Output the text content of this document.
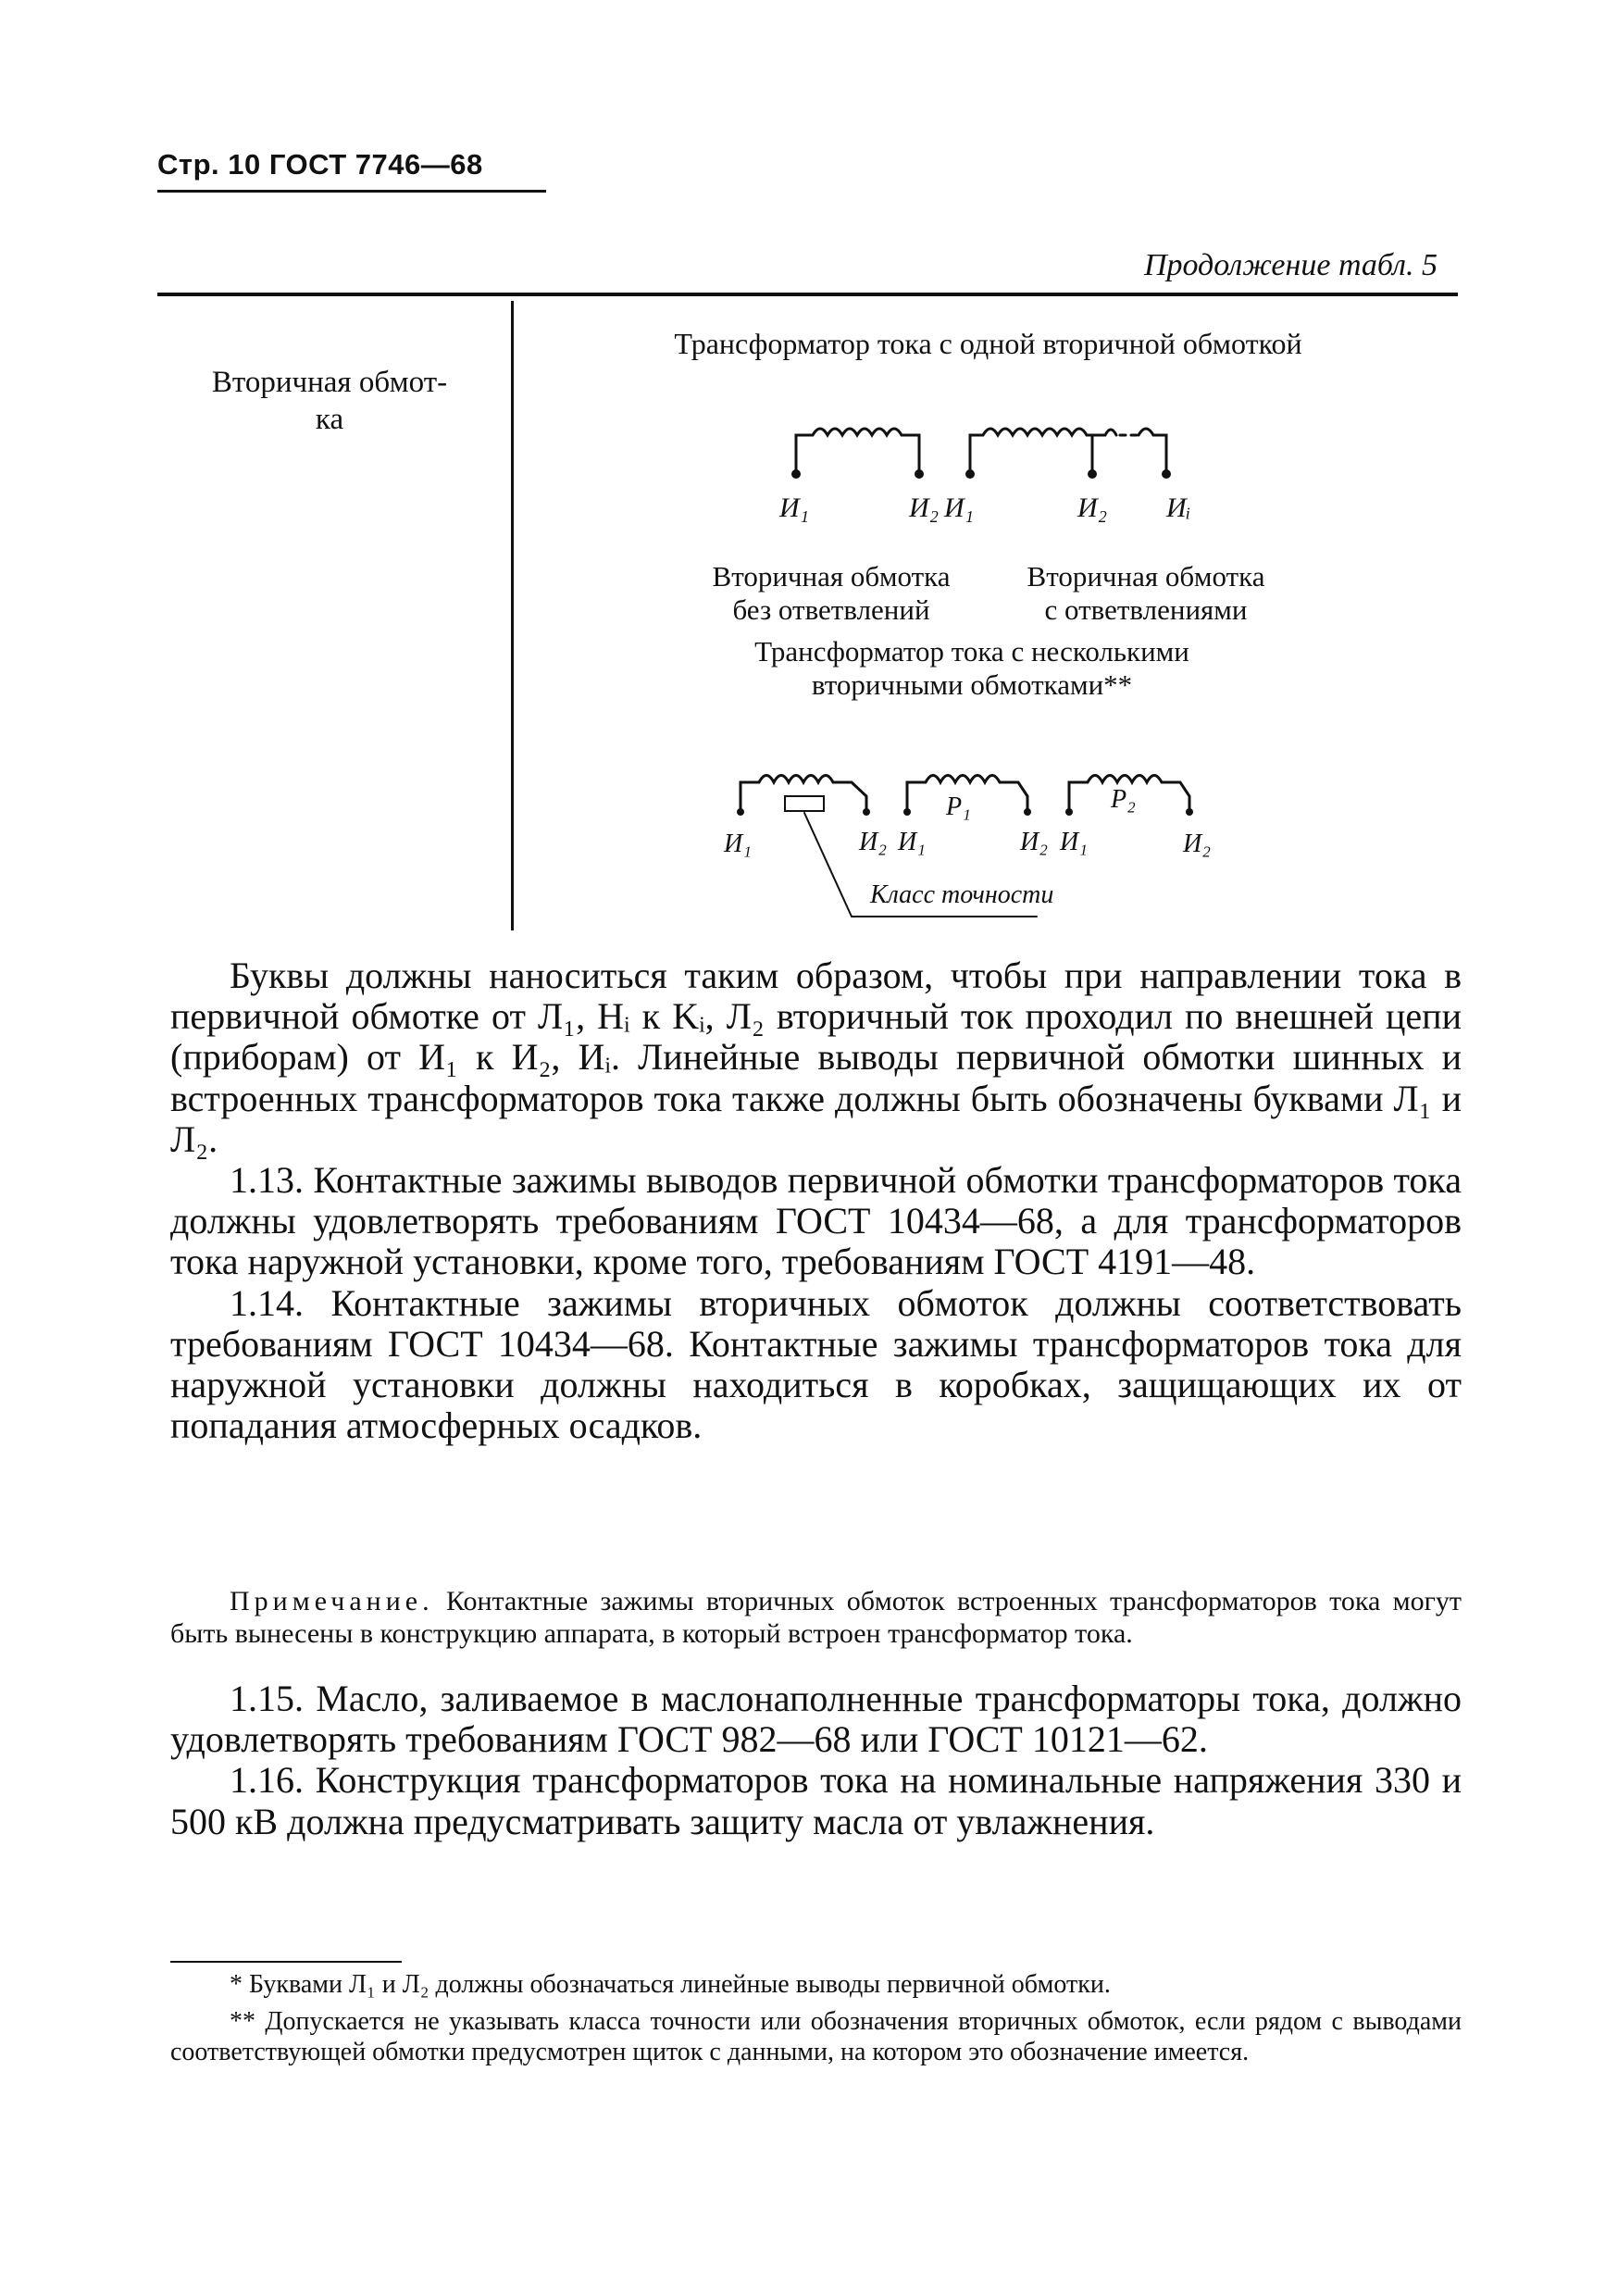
Стр. 10 ГОСТ 7746—68
Продолжение табл. 5
Вторичная обмот-
ка
Трансформатор тока с одной вторичной обмоткой
И₁	И₂ И₁	И₂ Иᵢ
Вторичная обмотка
без ответвлений
Вторичная обмотка
с ответвлениями
Трансформатор тока с несколькими
вторичными обмотками**
P₁	P₂
И₁	И₂ И₁	И₂ И₁	И₂
Класс точности

Буквы должны наноситься таким образом, чтобы при направлении тока в первичной обмотке от Л₁, Hᵢ к Kᵢ, Л₂ вторичный ток проходил по внешней цепи (приборам) от И₁ к И₂, Иᵢ. Линейные выводы первичной обмотки шинных и встроенных трансформаторов тока также должны быть обозначены буквами Л₁ и Л₂.

1.13. Контактные зажимы выводов первичной обмотки трансформаторов тока должны удовлетворять требованиям ГОСТ 10434—68, а для трансформаторов тока наружной установки, кроме того, требованиям ГОСТ 4191—48.

1.14. Контактные зажимы вторичных обмоток должны соответствовать требованиям ГОСТ 10434—68. Контактные зажимы трансформаторов тока для наружной установки должны находиться в коробках, защищающих их от попадания атмосферных осадков.

Примечание. Контактные зажимы вторичных обмоток встроенных трансформаторов тока могут быть вынесены в конструкцию аппарата, в который встроен трансформатор тока.

1.15. Масло, заливаемое в маслонаполненные трансформаторы тока, должно удовлетворять требованиям ГОСТ 982—68 или ГОСТ 10121—62.

1.16. Конструкция трансформаторов тока на номинальные напряжения 330 и 500 кВ должна предусматривать защиту масла от увлажнения.

* Буквами Л₁ и Л₂ должны обозначаться линейные выводы первичной обмотки.

** Допускается не указывать класса точности или обозначения вторичных обмоток, если рядом с выводами соответствующей обмотки предусмотрен щиток с данными, на котором это обозначение имеется.
